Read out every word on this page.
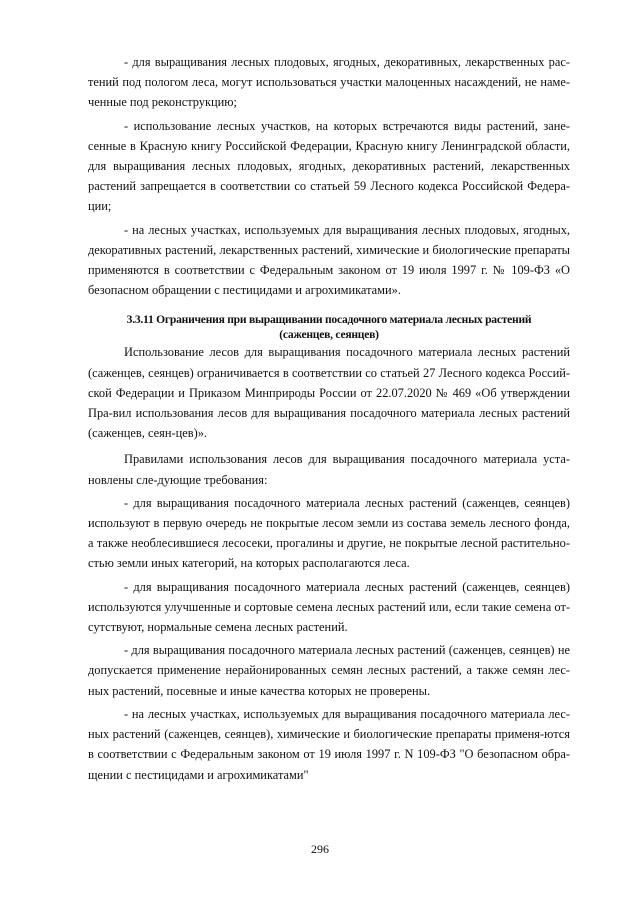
- для выращивания лесных плодовых, ягодных, декоративных, лекарственных рас-
тений под пологом леса, могут использоваться участки малоценных насаждений, не наме-
ченные под реконструкцию;
- использование лесных участков, на которых встречаются виды растений, зане-
сенные в Красную книгу Российской Федерации, Красную книгу Ленинградской области,
для выращивания лесных плодовых, ягодных, декоративных растений, лекарственных
растений запрещается в соответствии со статьей 59 Лесного кодекса Российской Федера-
ции;
- на лесных участках, используемых для выращивания лесных плодовых, ягодных,
декоративных растений, лекарственных растений, химические и биологические препараты
применяются в соответствии с Федеральным законом от 19 июля 1997 г. № 109-ФЗ «О
безопасном обращении с пестицидами и агрохимикатами».
3.3.11 Ограничения при выращивании посадочного материала лесных растений
(саженцев, сеянцев)
Использование лесов для выращивания посадочного материала лесных растений
(саженцев, сеянцев) ограничивается в соответствии со статьей 27 Лесного кодекса Россий-
ской Федерации и Приказом Минприроды России от 22.07.2020 № 469 «Об утверждении
Пра-вил использования лесов для выращивания посадочного материала лесных растений
(саженцев, сеян-цев)».
Правилами использования лесов для выращивания посадочного материала уста-
новлены сле-дующие требования:
- для выращивания посадочного материала лесных растений (саженцев, сеянцев)
используют в первую очередь не покрытые лесом земли из состава земель лесного фонда,
а также необлесившиеся лесосеки, прогалины и другие, не покрытые лесной растительно-
стью земли иных категорий, на которых располагаются леса.
- для выращивания посадочного материала лесных растений (саженцев, сеянцев)
используются улучшенные и сортовые семена лесных растений или, если такие семена от-
сутствуют, нормальные семена лесных растений.
- для выращивания посадочного материала лесных растений (саженцев, сеянцев) не
допускается применение нерайонированных семян лесных растений, а также семян лес-
ных растений, посевные и иные качества которых не проверены.
- на лесных участках, используемых для выращивания посадочного материала лес-
ных растений (саженцев, сеянцев), химические и биологические препараты применя-ются
в соответствии с Федеральным законом от 19 июля 1997 г. N 109-ФЗ "О безопасном обра-
щении с пестицидами и агрохимикатами"
296
